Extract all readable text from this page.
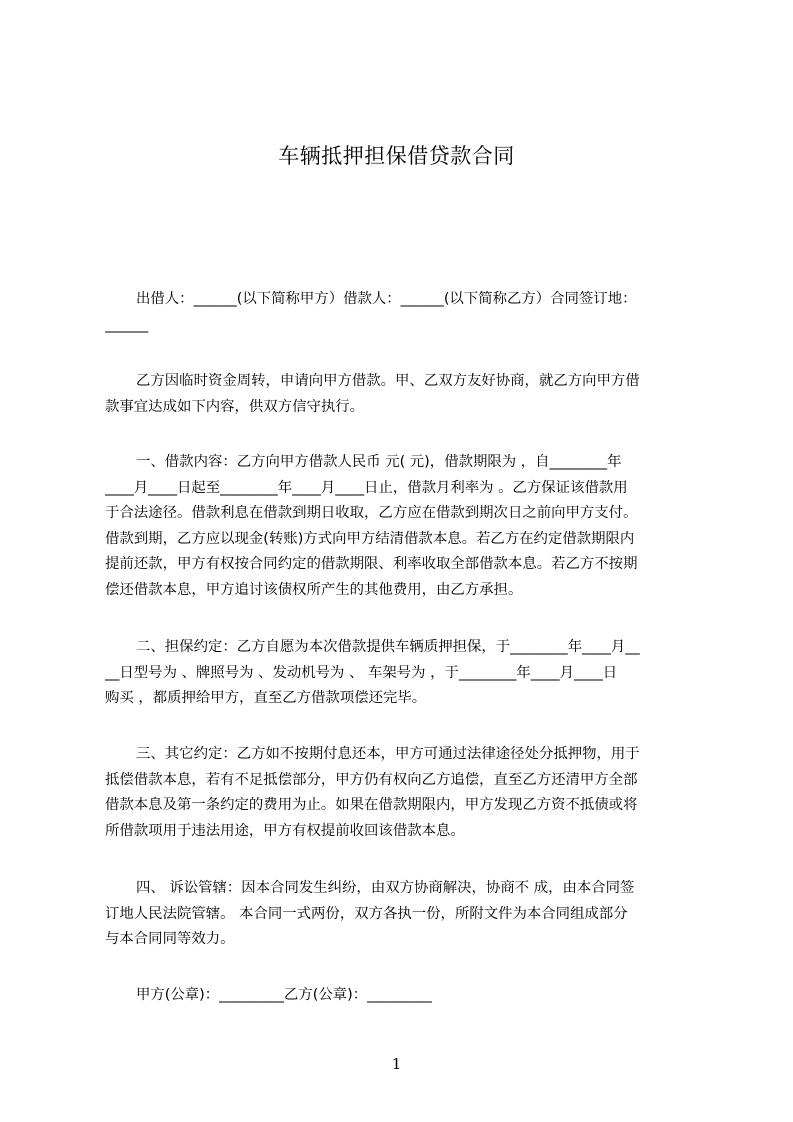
车辆抵押担保借贷款合同
出借人：______(以下简称甲方）借款人：______(以下简称乙方）合同签订地：
______
乙方因临时资金周转，申请向甲方借款。甲、乙双方友好协商，就乙方向甲方借
款事宜达成如下内容，供双方信守执行。
一、借款内容：乙方向甲方借款人民币 元( 元)，借款期限为 ，自________年
____月____日起至________年____月____日止，借款月利率为 。乙方保证该借款用
于合法途径。借款利息在借款到期日收取，乙方应在借款到期次日之前向甲方支付。
借款到期，乙方应以现金(转账)方式向甲方结清借款本息。若乙方在约定借款期限内
提前还款，甲方有权按合同约定的借款期限、利率收取全部借款本息。若乙方不按期
偿还借款本息，甲方追讨该债权所产生的其他费用，由乙方承担。
二、担保约定：乙方自愿为本次借款提供车辆质押担保，于________年____月__
__日型号为 、牌照号为 、发动机号为 、 车架号为 ，于________年____月____日
购买 ，都质押给甲方，直至乙方借款项偿还完毕。
三、其它约定：乙方如不按期付息还本，甲方可通过法律途径处分抵押物，用于
抵偿借款本息，若有不足抵偿部分，甲方仍有权向乙方追偿，直至乙方还清甲方全部
借款本息及第一条约定的费用为止。如果在借款期限内，甲方发现乙方资不抵债或将
所借款项用于违法用途，甲方有权提前收回该借款本息。
四、 诉讼管辖：因本合同发生纠纷，由双方协商解决，协商不 成，由本合同签
订地人民法院管辖。 本合同一式两份，双方各执一份，所附文件为本合同组成部分
与本合同同等效力。
甲方(公章)：_________乙方(公章)：_________
1
